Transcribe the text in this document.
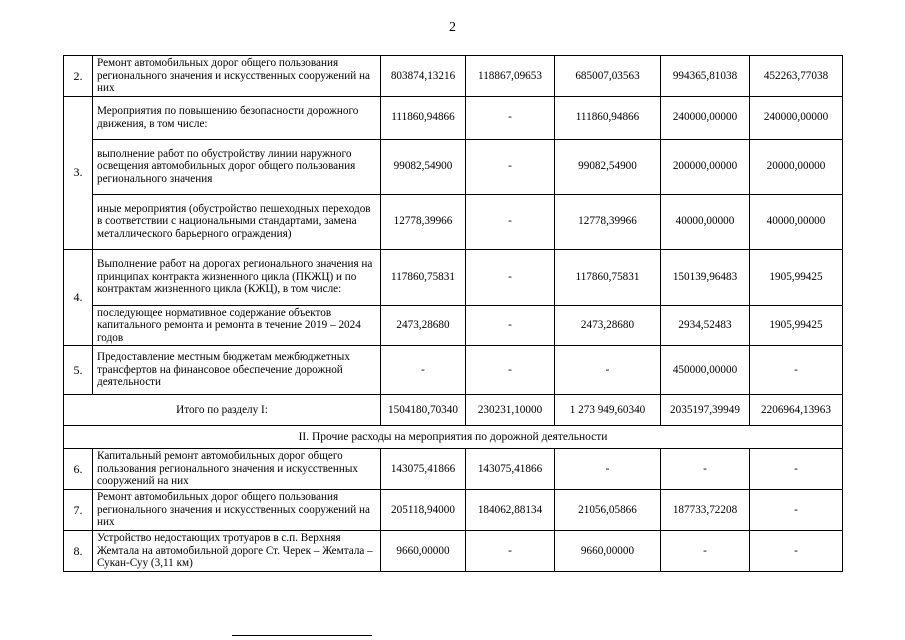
2
2.	Ремонт автомобильных дорог общего пользования регионального значения и искусственных сооружений на них	803874,13216	118867,09653	685007,03563	994365,81038	452263,77038
3.	Мероприятия по повышению безопасности дорожного движения, в том числе:	111860,94866	-	111860,94866	240000,00000	240000,00000
	выполнение работ по обустройству линии наружного освещения автомобильных дорог общего пользования регионального значения	99082,54900	-	99082,54900	200000,00000	20000,00000
	иные мероприятия (обустройство пешеходных переходов в соответствии с национальными стандартами, замена металлического барьерного ограждения)	12778,39966	-	12778,39966	40000,00000	40000,00000
4.	Выполнение работ на дорогах регионального значения на принципах контракта жизненного цикла (ПКЖЦ) и по контрактам жизненного цикла (КЖЦ), в том числе:	117860,75831	-	117860,75831	150139,96483	1905,99425
	последующее нормативное содержание объектов капитального ремонта и ремонта в течение 2019 – 2024 годов	2473,28680	-	2473,28680	2934,52483	1905,99425
5.	Предоставление местным бюджетам межбюджетных трансфертов на финансовое обеспечение дорожной деятельности	-	-	-	450000,00000	-
Итого по разделу I:		1504180,70340	230231,10000	1 273 949,60340	2035197,39949	2206964,13963
II. Прочие расходы на мероприятия по дорожной деятельности						
6.	Капитальный ремонт автомобильных дорог общего пользования регионального значения и искусственных сооружений на них	143075,41866	143075,41866	-	-	-
7.	Ремонт автомобильных дорог общего пользования регионального значения и искусственных сооружений на них	205118,94000	184062,88134	21056,05866	187733,72208	-
8.	Устройство недостающих тротуаров в с.п. Верхняя Жемтала на автомобильной дороге Ст. Черек – Жемтала – Сукан-Суу (3,11 км)	9660,00000	-	9660,00000	-	-
